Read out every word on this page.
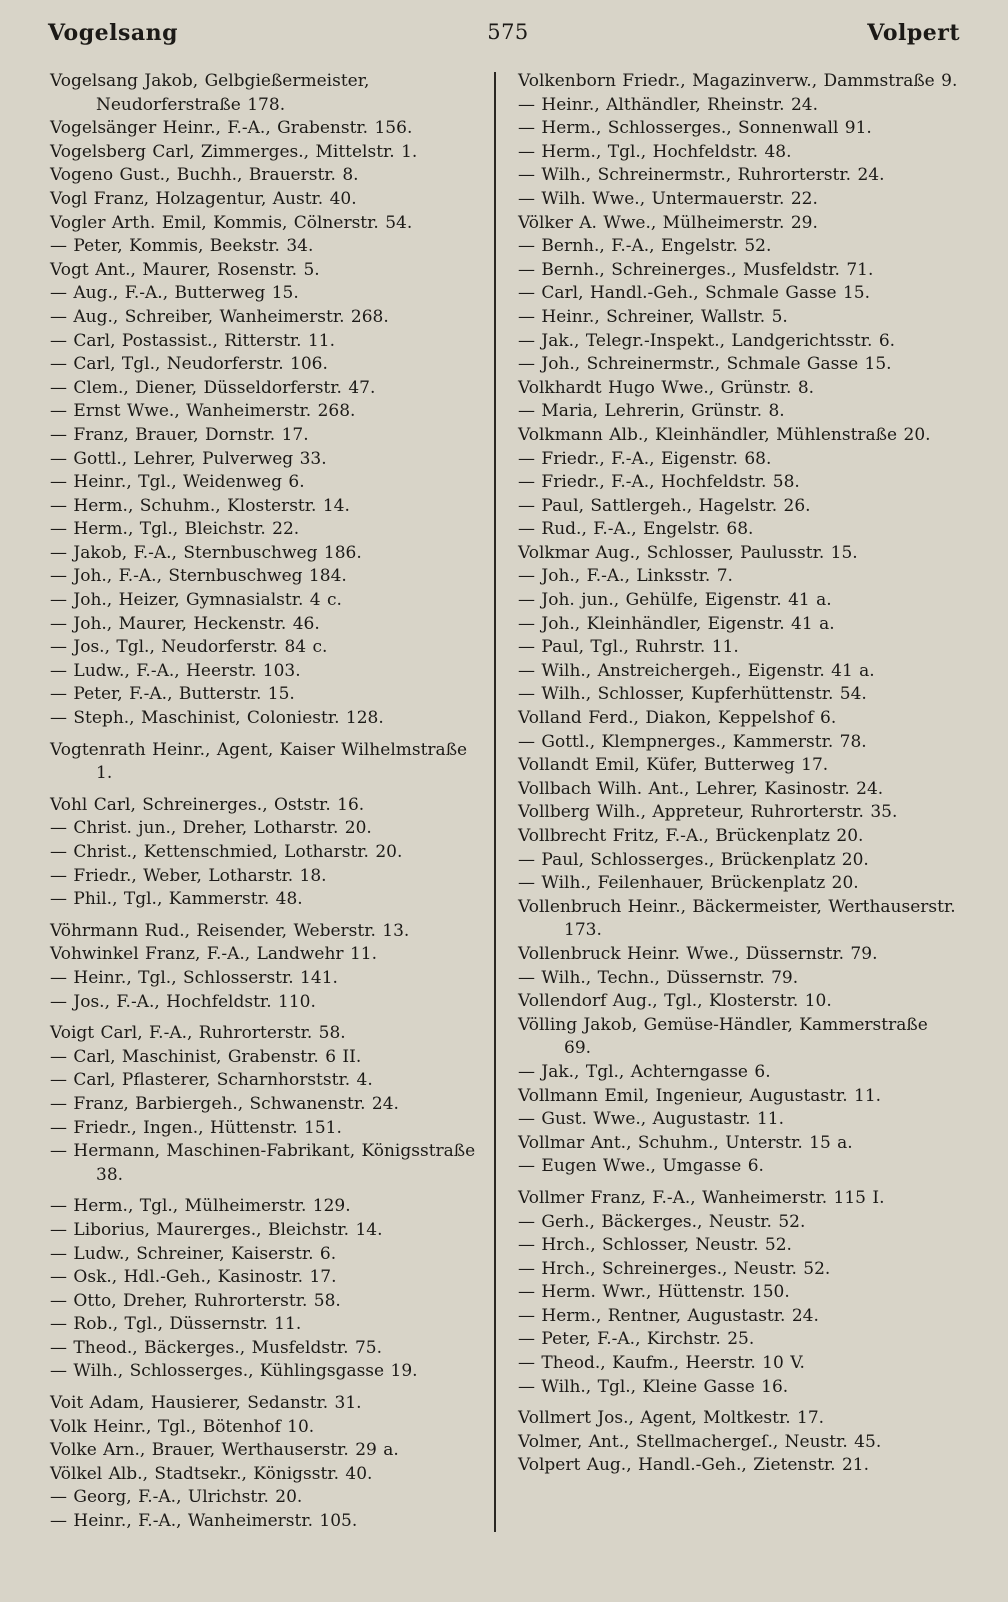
575
Vogelsang	Volpert

Vogelsang Jakob, Gelbgießermeister, Neudorferstraße 178.

Vogelsänger Heinr., F.-A., Grabenstr. 156.

Vogelsberg Carl, Zimmerges., Mittelstr. 1.

Vogeno Gust., Buchh., Brauerstr. 8.

Vogl Franz, Holzagentur, Austr. 40.

Vogler Arth. Emil, Kommis, Cölnerstr. 54.

— Peter, Kommis, Beekstr. 34.

Vogt Ant., Maurer, Rosenstr. 5.

— Aug., F.-A., Butterweg 15.

— Aug., Schreiber, Wanheimerstr. 268.

— Carl, Postassist., Ritterstr. 11.

— Carl, Tgl., Neudorferstr. 106.

— Clem., Diener, Düsseldorferstr. 47.

— Ernst Wwe., Wanheimerstr. 268.

— Franz, Brauer, Dornstr. 17.

— Gottl., Lehrer, Pulverweg 33.

— Heinr., Tgl., Weidenweg 6.

— Herm., Schuhm., Klosterstr. 14.

— Herm., Tgl., Bleichstr. 22.

— Jakob, F.-A., Sternbuschweg 186.

— Joh., F.-A., Sternbuschweg 184.

— Joh., Heizer, Gymnasialstr. 4 c.

— Joh., Maurer, Heckenstr. 46.

— Jos., Tgl., Neudorferstr. 84 c.

— Ludw., F.-A., Heerstr. 103.

— Peter, F.-A., Butterstr. 15.

— Steph., Maschinist, Coloniestr. 128.

Vogtenrath Heinr., Agent, Kaiser Wilhelmstraße 1.

Vohl Carl, Schreinerges., Oststr. 16.

— Christ. jun., Dreher, Lotharstr. 20.

— Christ., Kettenschmied, Lotharstr. 20.

— Friedr., Weber, Lotharstr. 18.

— Phil., Tgl., Kammerstr. 48.

Vöhrmann Rud., Reisender, Weberstr. 13.

Vohwinkel Franz, F.-A., Landwehr 11.

— Heinr., Tgl., Schlosserstr. 141.

— Jos., F.-A., Hochfeldstr. 110.

Voigt Carl, F.-A., Ruhrorterstr. 58.

— Carl, Maschinist, Grabenstr. 6 II.

— Carl, Pflasterer, Scharnhorststr. 4.

— Franz, Barbiergeh., Schwanenstr. 24.

— Friedr., Ingen., Hüttenstr. 151.

— Hermann, Maschinen-Fabrikant, Königsstraße 38.

— Herm., Tgl., Mülheimerstr. 129.

— Liborius, Maurerges., Bleichstr. 14.

— Ludw., Schreiner, Kaiserstr. 6.

— Osk., Hdl.-Geh., Kasinostr. 17.

— Otto, Dreher, Ruhrorterstr. 58.

— Rob., Tgl., Düssernstr. 11.

— Theod., Bäckerges., Musfeldstr. 75.

— Wilh., Schlosserges., Kühlingsgasse 19.

Voit Adam, Hausierer, Sedanstr. 31.

Volk Heinr., Tgl., Bötenhof 10.

Volke Arn., Brauer, Werthauserstr. 29 a.

Völkel Alb., Stadtsekr., Königsstr. 40.

— Georg, F.-A., Ulrichstr. 20.

— Heinr., F.-A., Wanheimerstr. 105.

Volkenborn Friedr., Magazinverw., Dammstraße 9.

— Heinr., Althändler, Rheinstr. 24.

— Herm., Schlosserges., Sonnenwall 91.

— Herm., Tgl., Hochfeldstr. 48.

— Wilh., Schreinermstr., Ruhrorterstr. 24.

— Wilh. Wwe., Untermauerstr. 22.

Völker A. Wwe., Mülheimerstr. 29.

— Bernh., F.-A., Engelstr. 52.

— Bernh., Schreinerges., Musfeldstr. 71.

— Carl, Handl.-Geh., Schmale Gasse 15.

— Heinr., Schreiner, Wallstr. 5.

— Jak., Telegr.-Inspekt., Landgerichtsstr. 6.

— Joh., Schreinermstr., Schmale Gasse 15.

Volkhardt Hugo Wwe., Grünstr. 8.

— Maria, Lehrerin, Grünstr. 8.

Volkmann Alb., Kleinhändler, Mühlenstraße 20.

— Friedr., F.-A., Eigenstr. 68.

— Friedr., F.-A., Hochfeldstr. 58.

— Paul, Sattlergeh., Hagelstr. 26.

— Rud., F.-A., Engelstr. 68.

Volkmar Aug., Schlosser, Paulusstr. 15.

— Joh., F.-A., Linksstr. 7.

— Joh. jun., Gehülfe, Eigenstr. 41 a.

— Joh., Kleinhändler, Eigenstr. 41 a.

— Paul, Tgl., Ruhrstr. 11.

— Wilh., Anstreichergeh., Eigenstr. 41 a.

— Wilh., Schlosser, Kupferhüttenstr. 54.

Volland Ferd., Diakon, Keppelshof 6.

— Gottl., Klempnerges., Kammerstr. 78.

Vollandt Emil, Küfer, Butterweg 17.

Vollbach Wilh. Ant., Lehrer, Kasinostr. 24.

Vollberg Wilh., Appreteur, Ruhrorterstr. 35.

Vollbrecht Fritz, F.-A., Brückenplatz 20.

— Paul, Schlosserges., Brückenplatz 20.

— Wilh., Feilenhauer, Brückenplatz 20.

Vollenbruch Heinr., Bäckermeister, Werthauserstr. 173.

Vollenbruck Heinr. Wwe., Düssernstr. 79.

— Wilh., Techn., Düssernstr. 79.

Vollendorf Aug., Tgl., Klosterstr. 10.

Völling Jakob, Gemüse-Händler, Kammerstraße 69.

— Jak., Tgl., Achterngasse 6.

Vollmann Emil, Ingenieur, Augustastr. 11.

— Gust. Wwe., Augustastr. 11.

Vollmar Ant., Schuhm., Unterstr. 15 a.

— Eugen Wwe., Umgasse 6.

Vollmer Franz, F.-A., Wanheimerstr. 115 I.

— Gerh., Bäckerges., Neustr. 52.

— Hrch., Schlosser, Neustr. 52.

— Hrch., Schreinerges., Neustr. 52.

— Herm. Wwr., Hüttenstr. 150.

— Herm., Rentner, Augustastr. 24.

— Peter, F.-A., Kirchstr. 25.

— Theod., Kaufm., Heerstr. 10 V.

— Wilh., Tgl., Kleine Gasse 16.

Vollmert Jos., Agent, Moltkestr. 17.

Volmer, Ant., Stellmachergeſ., Neustr. 45.

Volpert Aug., Handl.-Geh., Zietenstr. 21.
